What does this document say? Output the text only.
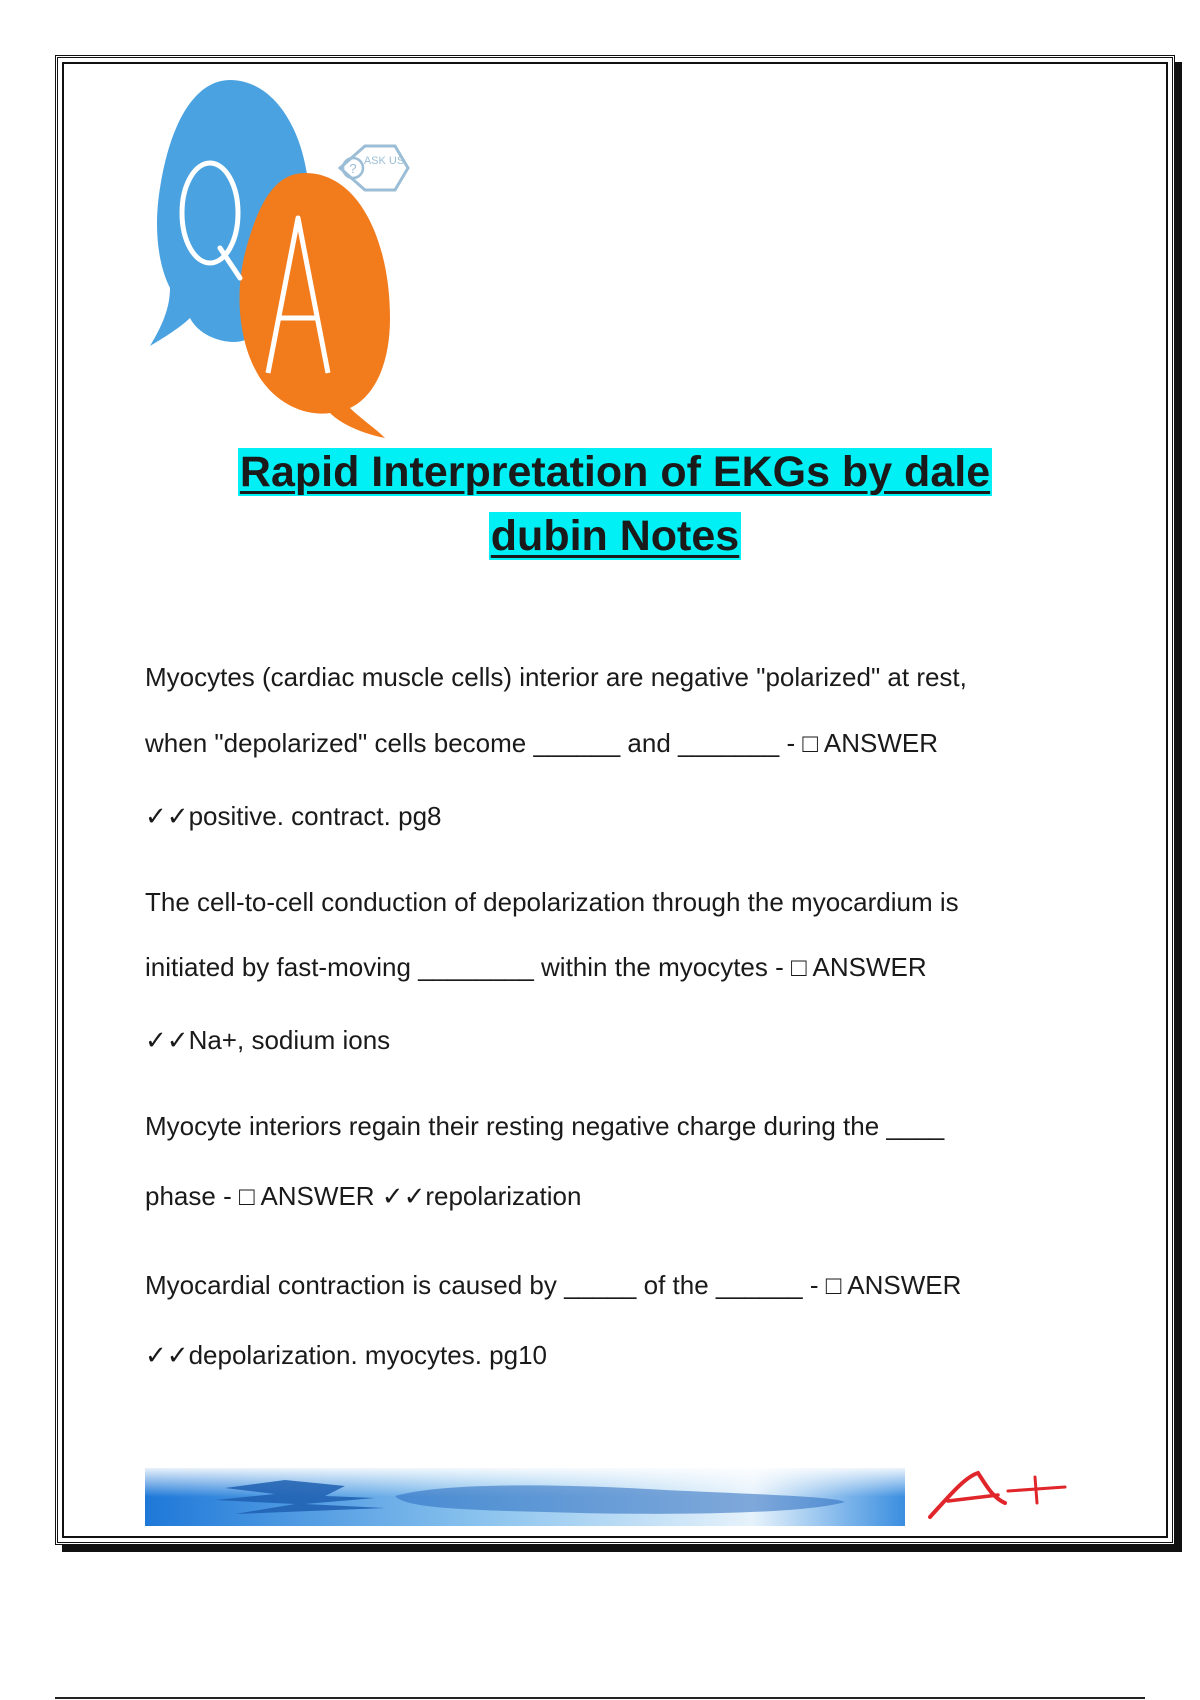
? ASK US
Rapid Interpretation of EKGs by dale
dubin Notes
Myocytes (cardiac muscle cells) interior are negative "polarized" at rest,
when "depolarized" cells become ______ and _______ - □ ANSWER
✓✓positive. contract. pg8
The cell-to-cell conduction of depolarization through the myocardium is
initiated by fast-moving ________ within the myocytes - □ ANSWER
✓✓Na+, sodium ions
Myocyte interiors regain their resting negative charge during the ____
phase - □ ANSWER ✓✓repolarization
Myocardial contraction is caused by _____ of the ______ - □ ANSWER
✓✓depolarization. myocytes. pg10
